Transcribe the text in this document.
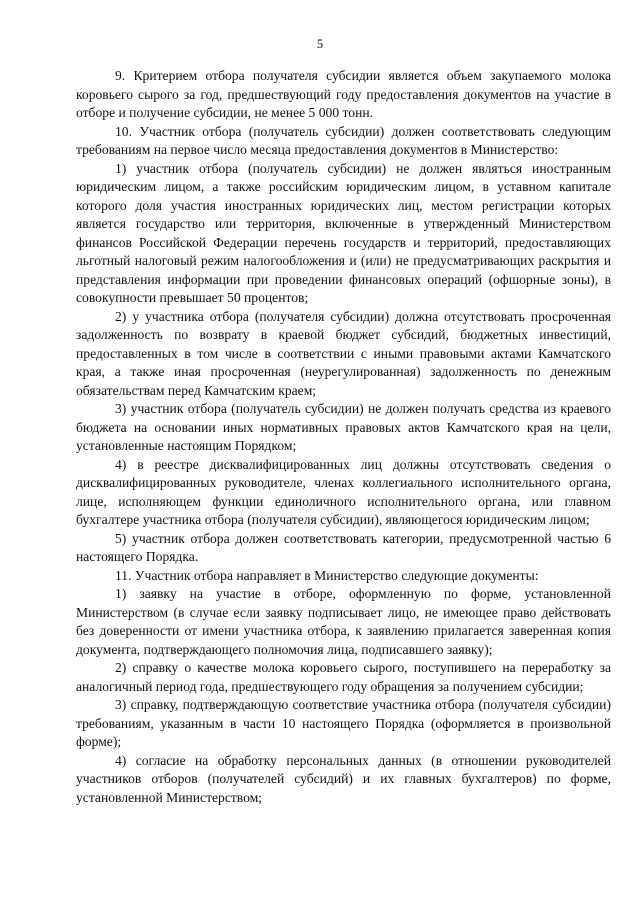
5

9. Критерием отбора получателя субсидии является объем закупаемого молока коровьего сырого за год, предшествующий году предоставления документов на участие в отборе и получение субсидии, не менее 5 000 тонн.

10. Участник отбора (получатель субсидии) должен соответствовать следующим требованиям на первое число месяца предоставления документов в Министерство:

1) участник отбора (получатель субсидии) не должен являться иностранным юридическим лицом, а также российским юридическим лицом, в уставном капитале которого доля участия иностранных юридических лиц, местом регистрации которых является государство или территория, включенные в утвержденный Министерством финансов Российской Федерации перечень государств и территорий, предоставляющих льготный налоговый режим налогообложения и (или) не предусматривающих раскрытия и представления информации при проведении финансовых операций (офшорные зоны), в совокупности превышает 50 процентов;

2) у участника отбора (получателя субсидии) должна отсутствовать просроченная задолженность по возврату в краевой бюджет субсидий, бюджетных инвестиций, предоставленных в том числе в соответствии с иными правовыми актами Камчатского края, а также иная просроченная (неурегулированная) задолженность по денежным обязательствам перед Камчатским краем;

3) участник отбора (получатель субсидии) не должен получать средства из краевого бюджета на основании иных нормативных правовых актов Камчатского края на цели, установленные настоящим Порядком;

4) в реестре дисквалифицированных лиц должны отсутствовать сведения о дисквалифицированных руководителе, членах коллегиального исполнительного органа, лице, исполняющем функции единоличного исполнительного органа, или главном бухгалтере участника отбора (получателя субсидии), являющегося юридическим лицом;

5) участник отбора должен соответствовать категории, предусмотренной частью 6 настоящего Порядка.

11. Участник отбора направляет в Министерство следующие документы:

1) заявку на участие в отборе, оформленную по форме, установленной Министерством (в случае если заявку подписывает лицо, не имеющее право действовать без доверенности от имени участника отбора, к заявлению прилагается заверенная копия документа, подтверждающего полномочия лица, подписавшего заявку);

2) справку о качестве молока коровьего сырого, поступившего на переработку за аналогичный период года, предшествующего году обращения за получением субсидии;

3) справку, подтверждающую соответствие участника отбора (получателя субсидии) требованиям, указанным в части 10 настоящего Порядка (оформляется в произвольной форме);

4) согласие на обработку персональных данных (в отношении руководителей участников отборов (получателей субсидий) и их главных бухгалтеров) по форме, установленной Министерством;
